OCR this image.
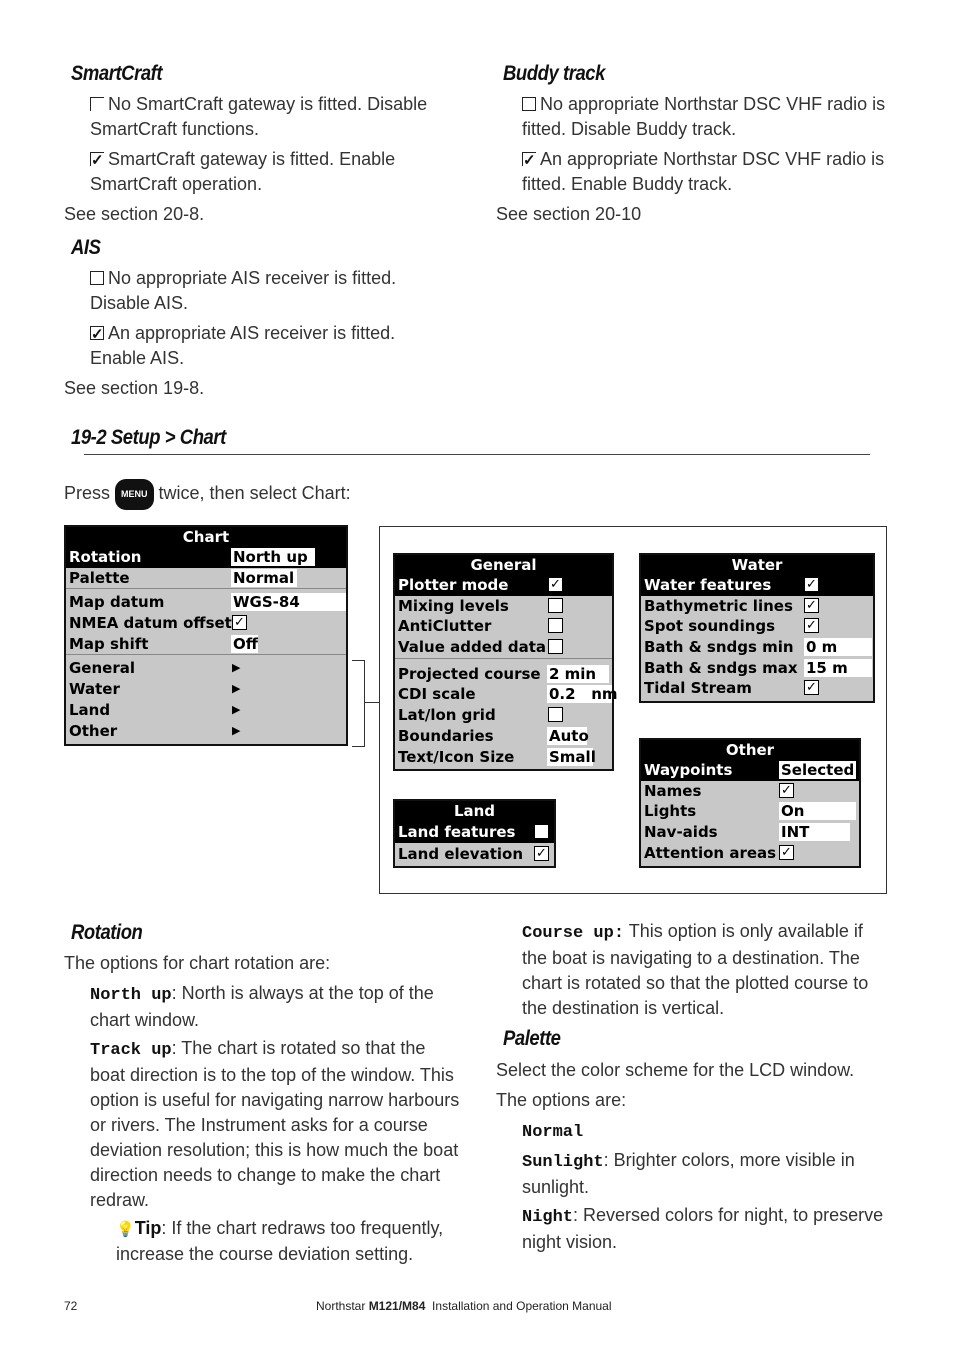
SmartCraft
No SmartCraft gateway is fitted. Disable SmartCraft functions.
✓SmartCraft gateway is fitted. Enable SmartCraft operation.
See section 20-8.
AIS
No appropriate AIS receiver is fitted. Disable AIS.
✓An appropriate AIS receiver is fitted. Enable AIS.
See section 19-8.
Buddy track
No appropriate Northstar DSC VHF radio is fitted. Disable Buddy track.
✓An appropriate Northstar DSC VHF radio is fitted. Enable Buddy track.
See section 20-10
19-2 Setup > Chart
Press MENU twice, then select Chart:
Chart
Rotation	North up
Palette	Normal
Map datum	WGS-84
NMEA datum offset ✓
Map shift	Off
General	▶
Water	▶
Land	▶
Other	▶
General
Plotter mode	✓
Mixing levels
AntiClutter
Value added data
Projected course 2 min
CDI scale	0.2   nm
Lat/lon grid
Boundaries	Auto
Text/Icon Size Small
Water
Water features	✓
Bathymetric lines ✓
Spot soundings ✓
Bath & sndgs min 0 m
Bath & sndgs max 15 m
Tidal Stream	✓
Other
Waypoints	Selected
Names	✓
Lights	On
Nav-aids	INT
Attention areas ✓
Land
Land features
Land elevation ✓
Rotation
The options for chart rotation are:
North up: North is always at the top of the chart window.
Track up: The chart is rotated so that the boat direction is to the top of the window. This option is useful for navigating narrow harbours or rivers. The Instrument asks for a course deviation resolution; this is how much the boat direction needs to change to make the chart redraw.
💡Tip: If the chart redraws too frequently, increase the course deviation setting.
Course up: This option is only available if the boat is navigating to a destination. The chart is rotated so that the plotted course to the destination is vertical.
Palette
Select the color scheme for the LCD window.
The options are:
Normal
Sunlight: Brighter colors, more visible in sunlight.
Night: Reversed colors for night, to preserve night vision.
72	Northstar M121/M84  Installation and Operation Manual
